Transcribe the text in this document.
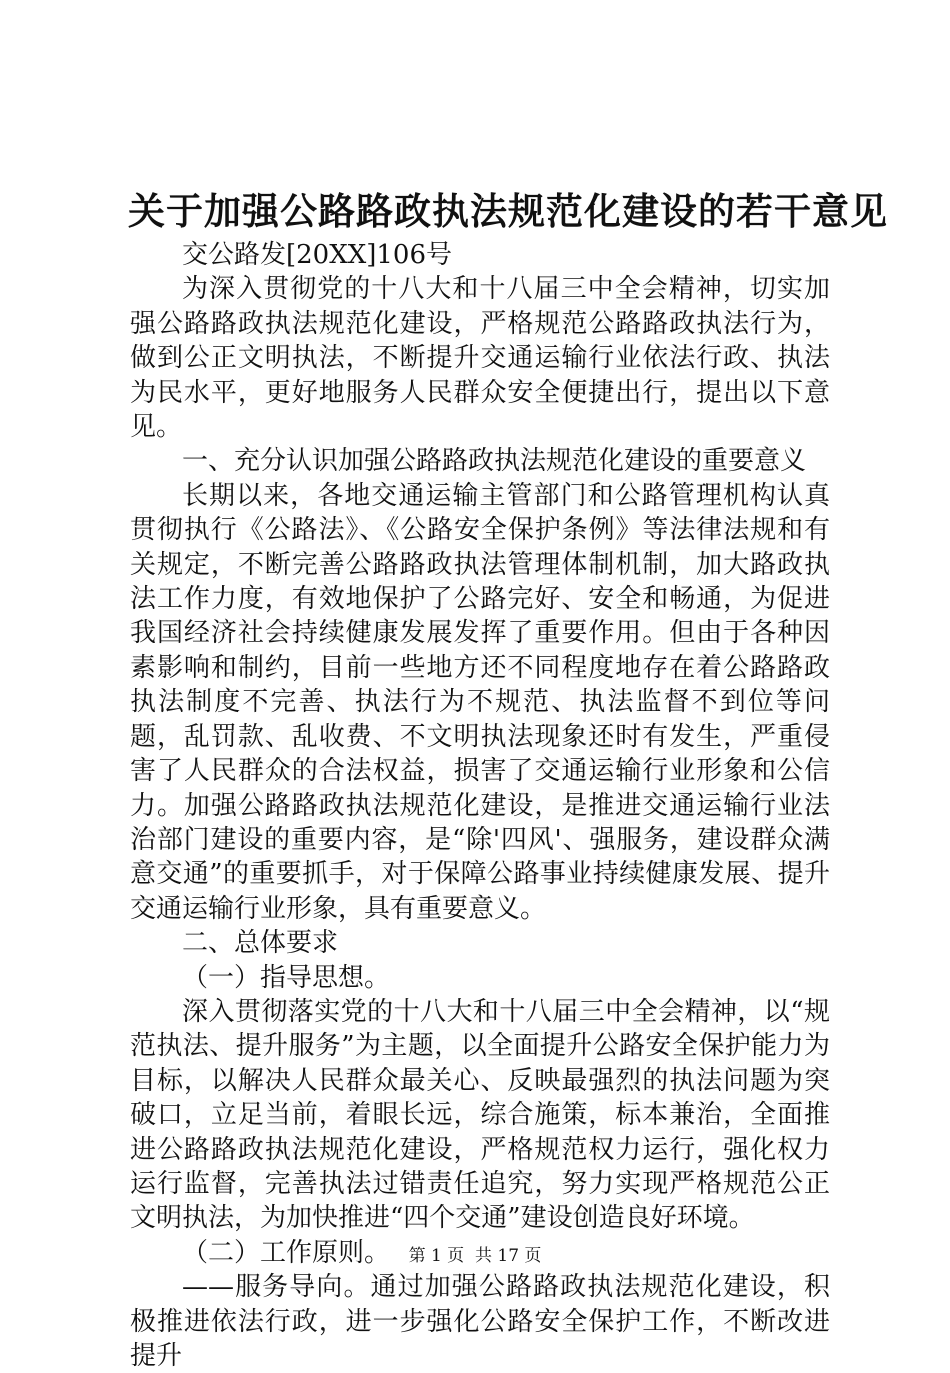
关于加强公路路政执法规范化建设的若干意见

交公路发[20XX]106号

为深入贯彻党的十八大和十八届三中全会精神，切实加强公路路政执法规范化建设，严格规范公路路政执法行为，做到公正文明执法，不断提升交通运输行业依法行政、执法为民水平，更好地服务人民群众安全便捷出行，提出以下意见。

一、充分认识加强公路路政执法规范化建设的重要意义

长期以来，各地交通运输主管部门和公路管理机构认真贯彻执行《公路法》、《公路安全保护条例》等法律法规和有关规定，不断完善公路路政执法管理体制机制，加大路政执法工作力度，有效地保护了公路完好、安全和畅通，为促进我国经济社会持续健康发展发挥了重要作用。但由于各种因素影响和制约，目前一些地方还不同程度地存在着公路路政执法制度不完善、执法行为不规范、执法监督不到位等问题，乱罚款、乱收费、不文明执法现象还时有发生，严重侵害了人民群众的合法权益，损害了交通运输行业形象和公信力。加强公路路政执法规范化建设，是推进交通运输行业法治部门建设的重要内容，是“除'四风'、强服务，建设群众满意交通”的重要抓手，对于保障公路事业持续健康发展、提升交通运输行业形象，具有重要意义。

二、总体要求

（一）指导思想。

深入贯彻落实党的十八大和十八届三中全会精神，以“规范执法、提升服务”为主题，以全面提升公路安全保护能力为目标，以解决人民群众最关心、反映最强烈的执法问题为突破口，立足当前，着眼长远，综合施策，标本兼治，全面推进公路路政执法规范化建设，严格规范权力运行，强化权力运行监督，完善执法过错责任追究，努力实现严格规范公正文明执法，为加快推进“四个交通”建设创造良好环境。

（二）工作原则。

——服务导向。通过加强公路路政执法规范化建设，积极推进依法行政，进一步强化公路安全保护工作，不断改进提升

第 1 页  共 17 页
